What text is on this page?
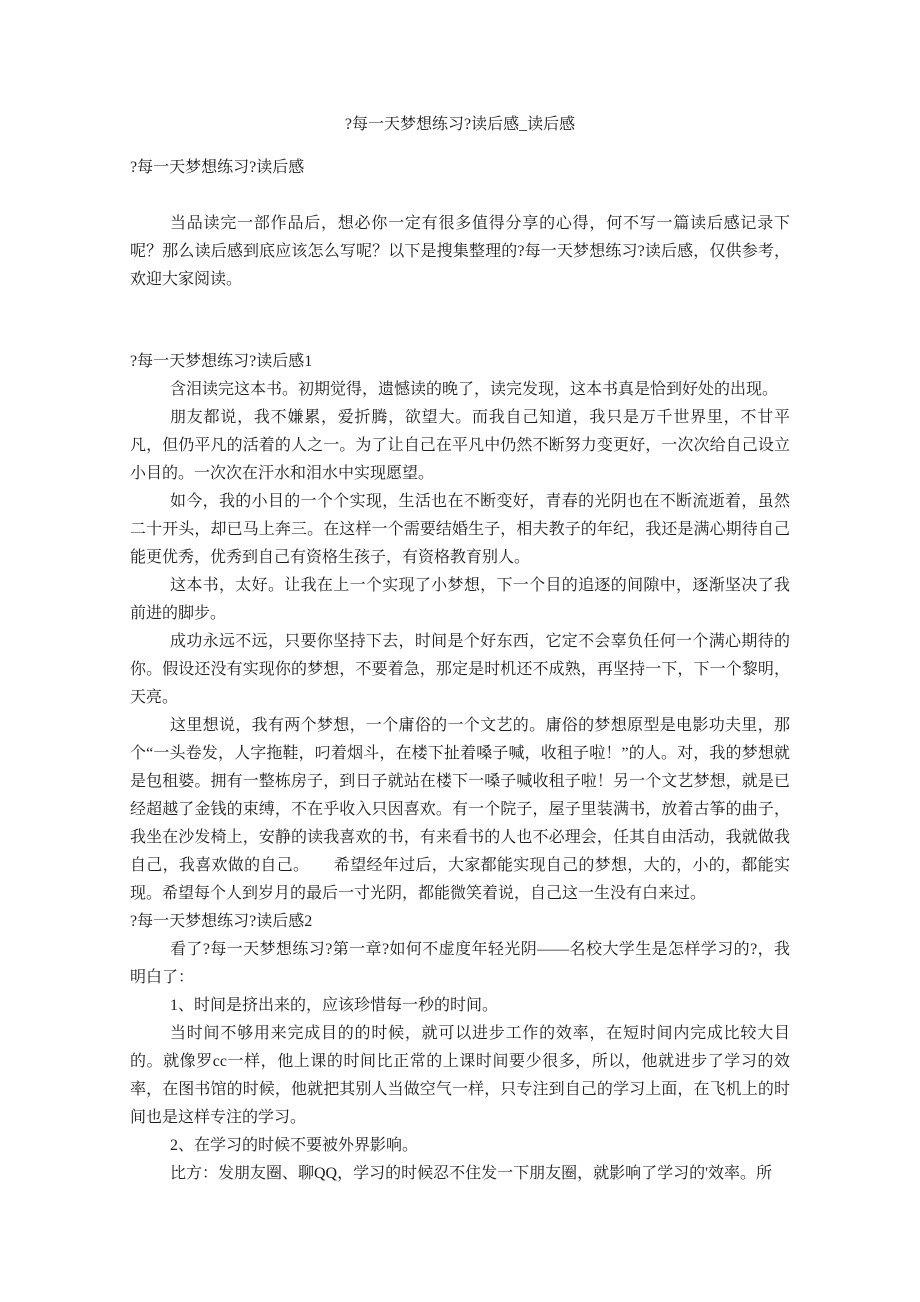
?每一天梦想练习?读后感_读后感
?每一天梦想练习?读后感

当品读完一部作品后，想必你一定有很多值得分享的心得，何不写一篇读后感记录下呢？那么读后感到底应该怎么写呢？以下是搜集整理的?每一天梦想练习?读后感，仅供参考，欢迎大家阅读。

?每一天梦想练习?读后感1

含泪读完这本书。初期觉得，遗憾读的晚了，读完发现，这本书真是恰到好处的出现。

朋友都说，我不嫌累，爱折腾，欲望大。而我自己知道，我只是万千世界里，不甘平凡，但仍平凡的活着的人之一。为了让自己在平凡中仍然不断努力变更好，一次次给自己设立小目的。一次次在汗水和泪水中实现愿望。

如今，我的小目的一个个实现，生活也在不断变好，青春的光阴也在不断流逝着，虽然二十开头，却已马上奔三。在这样一个需要结婚生子，相夫教子的年纪，我还是满心期待自己能更优秀，优秀到自己有资格生孩子，有资格教育别人。

这本书，太好。让我在上一个实现了小梦想，下一个目的追逐的间隙中，逐渐坚决了我前进的脚步。

成功永远不远，只要你坚持下去，时间是个好东西，它定不会辜负任何一个满心期待的你。假设还没有实现你的梦想，不要着急，那定是时机还不成熟，再坚持一下，下一个黎明，天亮。

这里想说，我有两个梦想，一个庸俗的一个文艺的。庸俗的梦想原型是电影功夫里，那个“一头卷发，人字拖鞋，叼着烟斗，在楼下扯着嗓子喊，收租子啦！”的人。对，我的梦想就是包租婆。拥有一整栋房子，到日子就站在楼下一嗓子喊收租子啦！另一个文艺梦想，就是已经超越了金钱的束缚，不在乎收入只因喜欢。有一个院子，屋子里装满书，放着古筝的曲子，我坐在沙发椅上，安静的读我喜欢的书，有来看书的人也不必理会，任其自由活动，我就做我自己，我喜欢做的自己。　　希望经年过后，大家都能实现自己的梦想，大的，小的，都能实现。希望每个人到岁月的最后一寸光阴，都能微笑着说，自己这一生没有白来过。

?每一天梦想练习?读后感2

看了?每一天梦想练习?第一章?如何不虚度年轻光阴——名校大学生是怎样学习的?，我明白了：

1、时间是挤出来的，应该珍惜每一秒的时间。

当时间不够用来完成目的的时候，就可以进步工作的效率，在短时间内完成比较大目的。就像罗cc一样，他上课的时间比正常的上课时间要少很多，所以，他就进步了学习的效率，在图书馆的时候，他就把其别人当做空气一样，只专注到自己的学习上面，在飞机上的时间也是这样专注的学习。

2、在学习的时候不要被外界影响。

比方：发朋友圈、聊QQ，学习的时候忍不住发一下朋友圈，就影响了学习的'效率。所
